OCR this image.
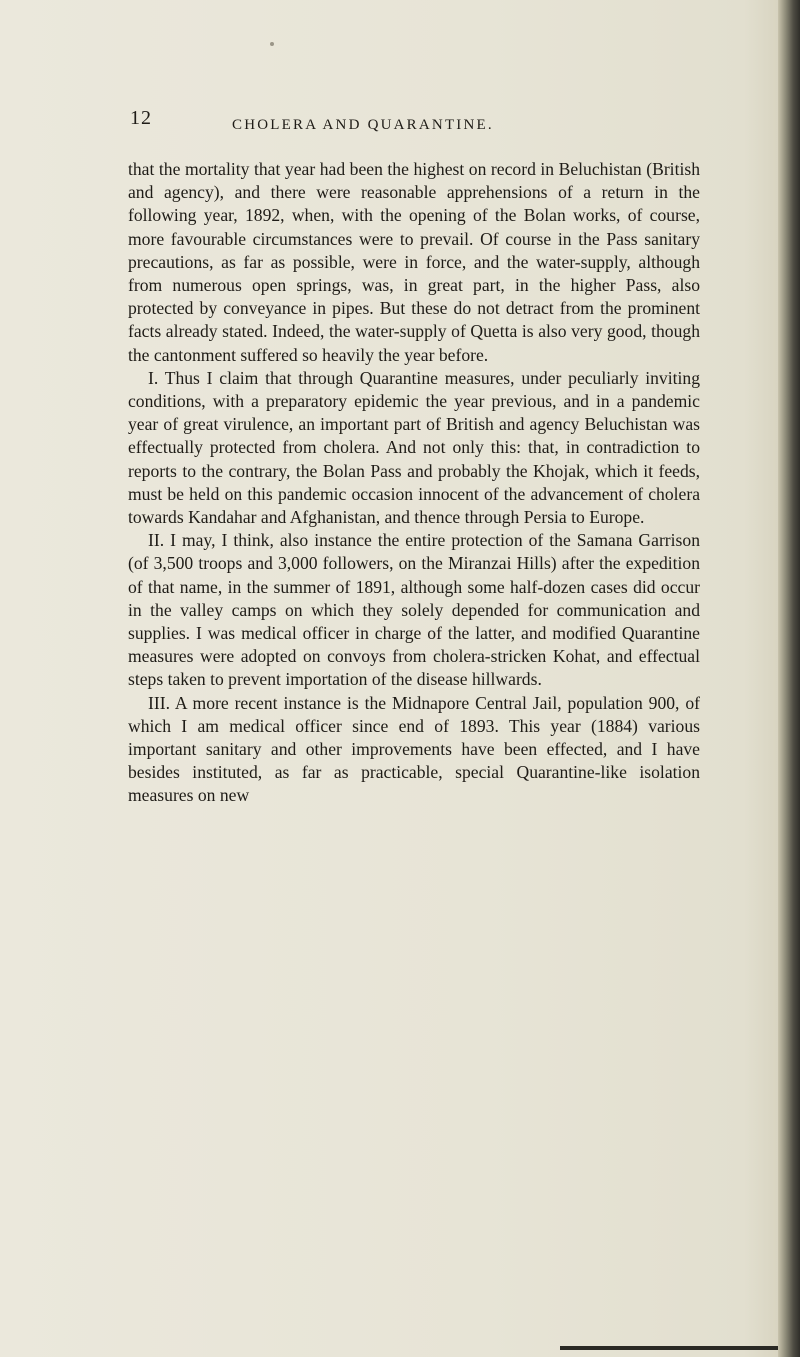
12	CHOLERA AND QUARANTINE.

that the mortality that year had been the highest on record in Beluchistan (British and agency), and there were reasonable apprehensions of a return in the following year, 1892, when, with the opening of the Bolan works, of course, more favourable circumstances were to prevail. Of course in the Pass sanitary precautions, as far as possible, were in force, and the water-supply, although from numerous open springs, was, in great part, in the higher Pass, also protected by conveyance in pipes. But these do not detract from the prominent facts already stated. Indeed, the water-supply of Quetta is also very good, though the cantonment suffered so heavily the year before.

I. Thus I claim that through Quarantine measures, under peculiarly inviting conditions, with a preparatory epidemic the year previous, and in a pandemic year of great virulence, an important part of British and agency Beluchistan was effectually protected from cholera. And not only this: that, in contradiction to reports to the contrary, the Bolan Pass and probably the Khojak, which it feeds, must be held on this pandemic occasion innocent of the advancement of cholera towards Kandahar and Afghanistan, and thence through Persia to Europe.

II. I may, I think, also instance the entire protection of the Samana Garrison (of 3,500 troops and 3,000 followers, on the Miranzai Hills) after the expedition of that name, in the summer of 1891, although some half-dozen cases did occur in the valley camps on which they solely depended for communication and supplies. I was medical officer in charge of the latter, and modified Quarantine measures were adopted on convoys from cholera-stricken Kohat, and effectual steps taken to prevent importation of the disease hillwards.

III. A more recent instance is the Midnapore Central Jail, population 900, of which I am medical officer since end of 1893. This year (1884) various important sanitary and other improvements have been effected, and I have besides instituted, as far as practicable, special Quarantine-like isolation measures on new
